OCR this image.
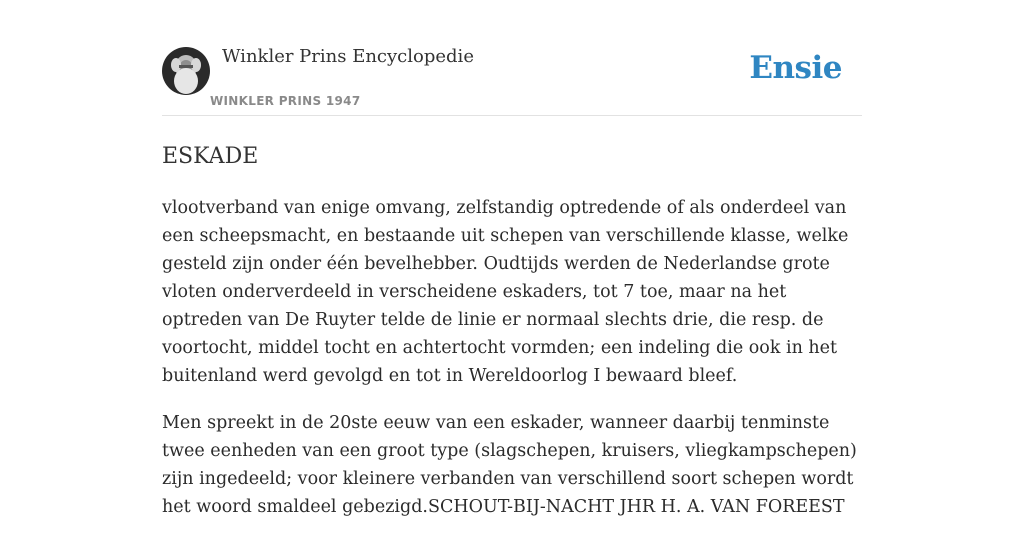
Winkler Prins Encyclopedie
WINKLER PRINS 1947
Ensie
ESKADE

vlootverband van enige omvang, zelfstandig optredende of als onderdeel van een scheepsmacht, en bestaande uit schepen van verschillende klasse, welke gesteld zijn onder één bevelhebber. Oudtijds werden de Nederlandse grote vloten onderverdeeld in verscheidene eskaders, tot 7 toe, maar na het optreden van De Ruyter telde de linie er normaal slechts drie, die resp. de voortocht, middel tocht en achtertocht vormden; een indeling die ook in het buitenland werd gevolgd en tot in Wereldoorlog I bewaard bleef.

Men spreekt in de 20ste eeuw van een eskader, wanneer daarbij tenminste twee eenheden van een groot type (slagschepen, kruisers, vliegkampschepen) zijn ingedeeld; voor kleinere verbanden van verschillend soort schepen wordt het woord smaldeel gebezigd.SCHOUT-BIJ-NACHT JHR H. A. VAN FOREEST
